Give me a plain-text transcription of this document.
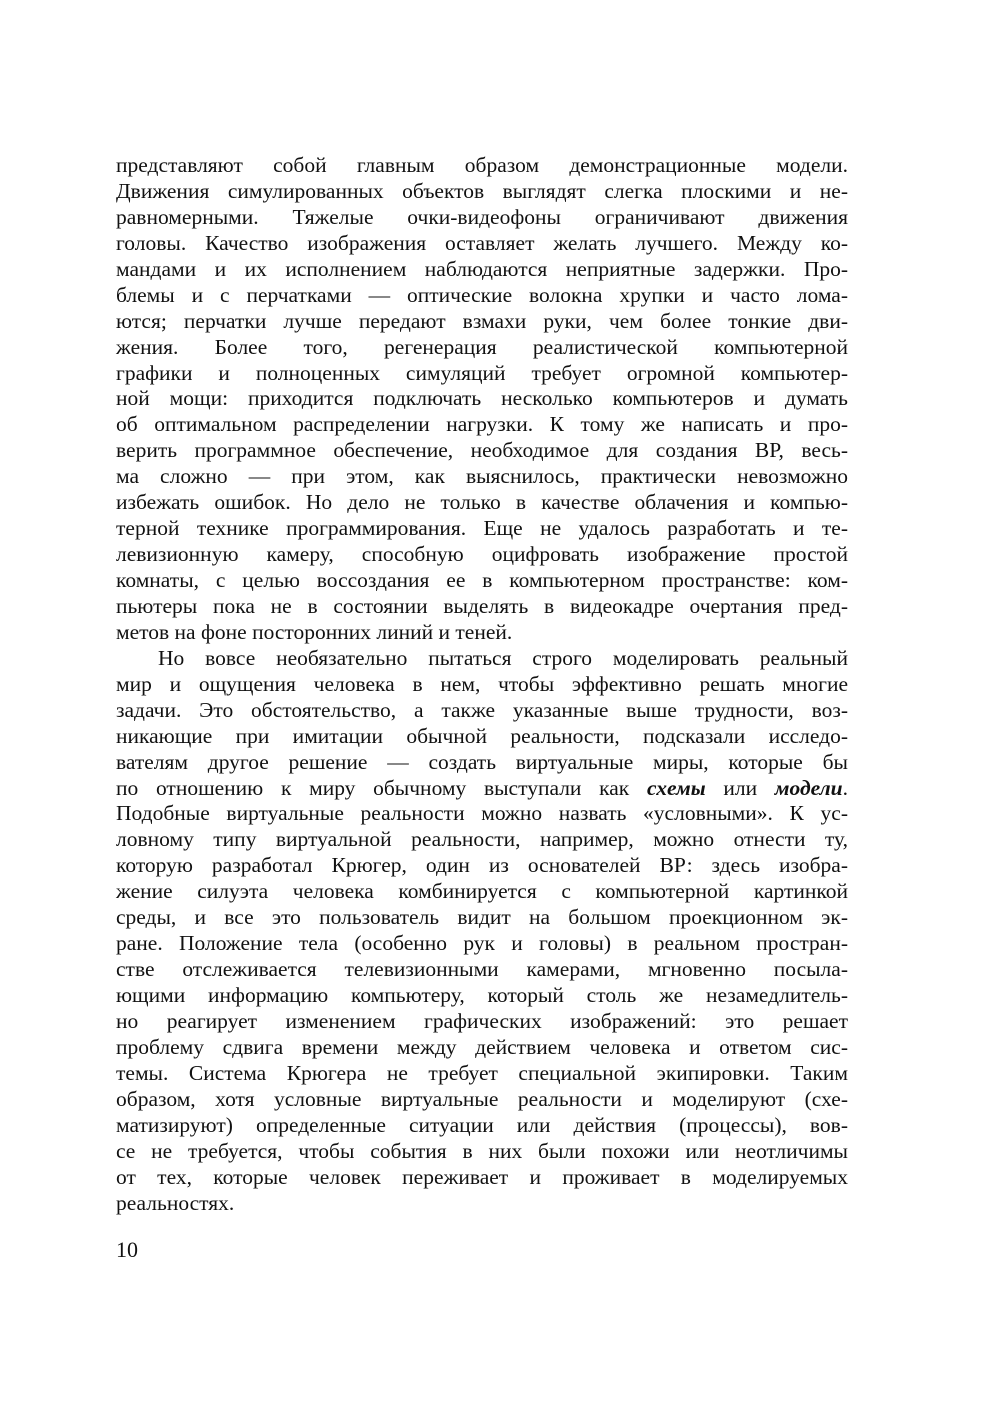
представляют собой главным образом демонстрационные модели.
Движения симулированных объектов выглядят слегка плоскими и не-
равномерными. Тяжелые очки-видеофоны ограничивают движения
головы. Качество изображения оставляет желать лучшего. Между ко-
мандами и их исполнением наблюдаются неприятные задержки. Про-
блемы и с перчатками — оптические волокна хрупки и часто лома-
ются; перчатки лучше передают взмахи руки, чем более тонкие дви-
жения. Более того, регенерация реалистической компьютерной
графики и полноценных симуляций требует огромной компьютер-
ной мощи: приходится подключать несколько компьютеров и думать
об оптимальном распределении нагрузки. К тому же написать и про-
верить программное обеспечение, необходимое для создания ВР, весь-
ма сложно — при этом, как выяснилось, практически невозможно
избежать ошибок. Но дело не только в качестве облачения и компью-
терной технике программирования. Еще не удалось разработать и те-
левизионную камеру, способную оцифровать изображение простой
комнаты, с целью воссоздания ее в компьютерном пространстве: ком-
пьютеры пока не в состоянии выделять в видеокадре очертания пред-
метов на фоне посторонних линий и теней.
Но вовсе необязательно пытаться строго моделировать реальный
мир и ощущения человека в нем, чтобы эффективно решать многие
задачи. Это обстоятельство, а также указанные выше трудности, воз-
никающие при имитации обычной реальности, подсказали исследо-
вателям другое решение — создать виртуальные миры, которые бы
по отношению к миру обычному выступали как схемы или модели.
Подобные виртуальные реальности можно назвать «условными». К ус-
ловному типу виртуальной реальности, например, можно отнести ту,
которую разработал Крюгер, один из основателей ВР: здесь изобра-
жение силуэта человека комбинируется с компьютерной картинкой
среды, и все это пользователь видит на большом проекционном эк-
ране. Положение тела (особенно рук и головы) в реальном простран-
стве отслеживается телевизионными камерами, мгновенно посыла-
ющими информацию компьютеру, который столь же незамедлитель-
но реагирует изменением графических изображений: это решает
проблему сдвига времени между действием человека и ответом сис-
темы. Система Крюгера не требует специальной экипировки. Таким
образом, хотя условные виртуальные реальности и моделируют (схе-
матизируют) определенные ситуации или действия (процессы), вов-
се не требуется, чтобы события в них были похожи или неотличимы
от тех, которые человек переживает и проживает в моделируемых
реальностях.
10
